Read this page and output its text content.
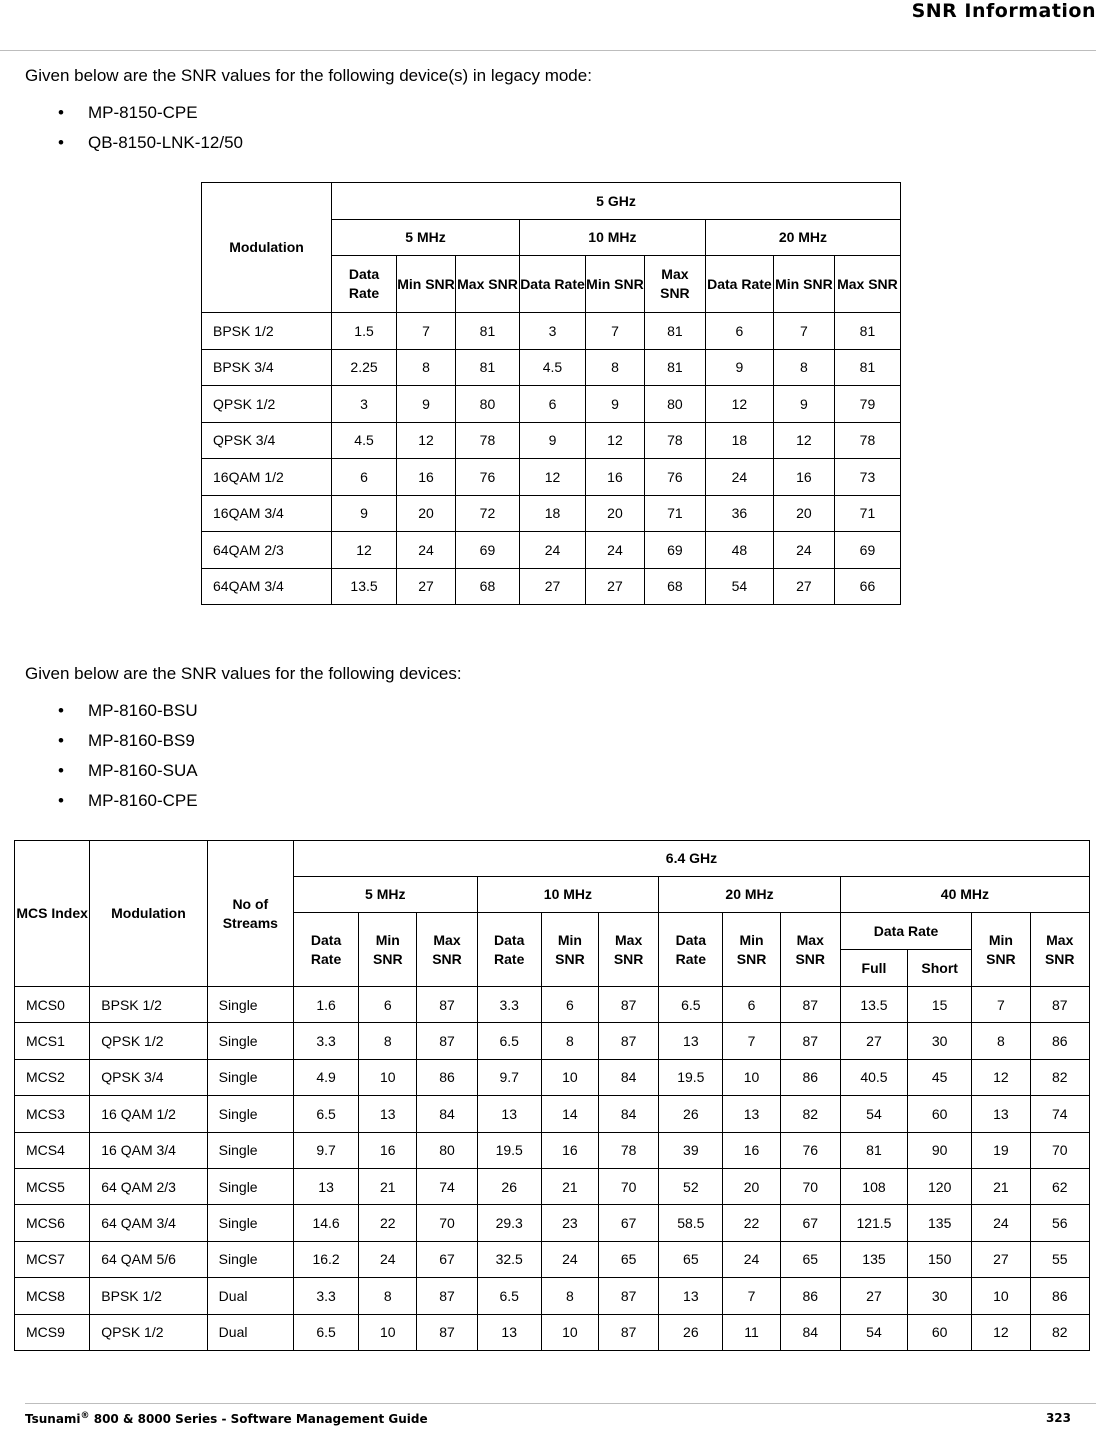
SNR Information
Given below are the SNR values for the following device(s) in legacy mode:
• MP-8150-CPE
• QB-8150-LNK-12/50
Modulation	5 GHz								
	5 MHz			10 MHz			20 MHz		
	Data Rate	Min SNR	Max SNR	Data Rate	Min SNR	Max SNR	Data Rate	Min SNR	Max SNR
BPSK 1/2	1.5	7	81	3	7	81	6	7	81
BPSK 3/4	2.25	8	81	4.5	8	81	9	8	81
QPSK 1/2	3	9	80	6	9	80	12	9	79
QPSK 3/4	4.5	12	78	9	12	78	18	12	78
16QAM 1/2	6	16	76	12	16	76	24	16	73
16QAM 3/4	9	20	72	18	20	71	36	20	71
64QAM 2/3	12	24	69	24	24	69	48	24	69
64QAM 3/4	13.5	27	68	27	27	68	54	27	66
Given below are the SNR values for the following devices:
• MP-8160-BSU
• MP-8160-BS9
• MP-8160-SUA
• MP-8160-CPE
MCS Index	Modulation	No of Streams	6.4 GHz												
			5 MHz			10 MHz			20 MHz			40 MHz			
			Data Rate	Min SNR	Max SNR	Data Rate	Min SNR	Max SNR	Data Rate	Min SNR	Max SNR	Data Rate		Min SNR	Max SNR
												Full	Short		
MCS0	BPSK 1/2	Single	1.6	6	87	3.3	6	87	6.5	6	87	13.5	15	7	87
MCS1	QPSK 1/2	Single	3.3	8	87	6.5	8	87	13	7	87	27	30	8	86
MCS2	QPSK 3/4	Single	4.9	10	86	9.7	10	84	19.5	10	86	40.5	45	12	82
MCS3	16 QAM 1/2	Single	6.5	13	84	13	14	84	26	13	82	54	60	13	74
MCS4	16 QAM 3/4	Single	9.7	16	80	19.5	16	78	39	16	76	81	90	19	70
MCS5	64 QAM 2/3	Single	13	21	74	26	21	70	52	20	70	108	120	21	62
MCS6	64 QAM 3/4	Single	14.6	22	70	29.3	23	67	58.5	22	67	121.5	135	24	56
MCS7	64 QAM 5/6	Single	16.2	24	67	32.5	24	65	65	24	65	135	150	27	55
MCS8	BPSK 1/2	Dual	3.3	8	87	6.5	8	87	13	7	86	27	30	10	86
MCS9	QPSK 1/2	Dual	6.5	10	87	13	10	87	26	11	84	54	60	12	82
Tsunami® 800 & 8000 Series - Software Management Guide	323
